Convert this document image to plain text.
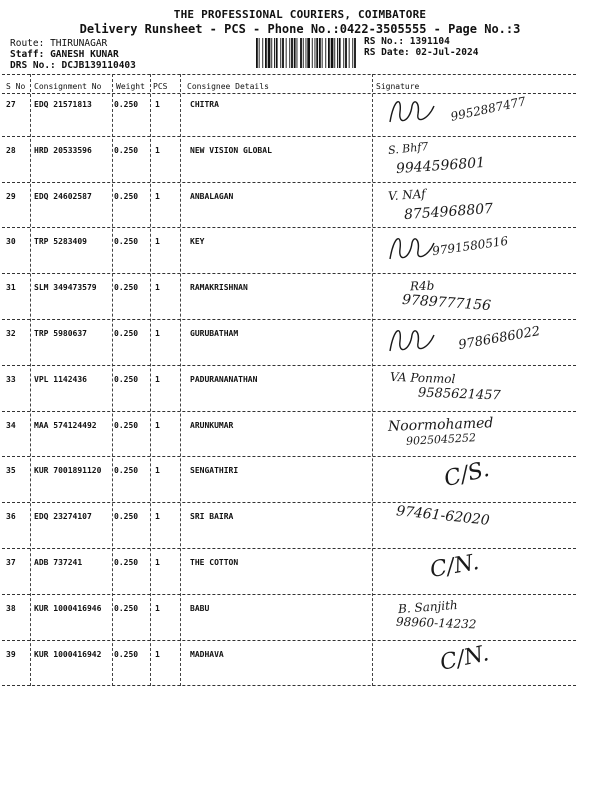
THE PROFESSIONAL COURIERS, COIMBATORE
Delivery Runsheet - PCS - Phone No.:0422-3505555 - Page No.:3
Route: THIRUNAGAR
Staff: GANESH KUNAR
DRS No.: DCJB139110403
RS No.: 1391104
RS Date: 02-Jul-2024
S No Consignment No Weight PCS Consignee Details	Signature
27 EDQ 21571813	0.250 1	CHITRA	9952887477
28 HRD 20533596	0.250 1	NEW VISION GLOBAL	S. Bhf7
9944596801
29 EDQ 24602587	0.250 1	ANBALAGAN	V. NAf
8754968807
30 TRP 5283409	0.250 1	KEY	9791580516
31 SLM 349473579 0.250 1	RAMAKRISHNAN	R4b
9789777156
32 TRP 5980637	0.250 1	GURUBATHAM	9786686022
33 VPL 1142436	0.250 1	PADURANANATHAN	VA Ponmol
9585621457
34 MAA 574124492 0.250 1	ARUNKUMAR	Noormohamed
9025045252
35 KUR 7001891120 0.250 1	SENGATHIRI	C/S.
36 EDQ 23274107	0.250 1	SRI BAIRA	97461-62020
37 ADB 737241	0.250 1	THE COTTON	C/N.
38 KUR 1000416946 0.250 1	BABU	B. Sanjith
98960-14232
39 KUR 1000416942 0.250 1	MADHAVA	C/N.
